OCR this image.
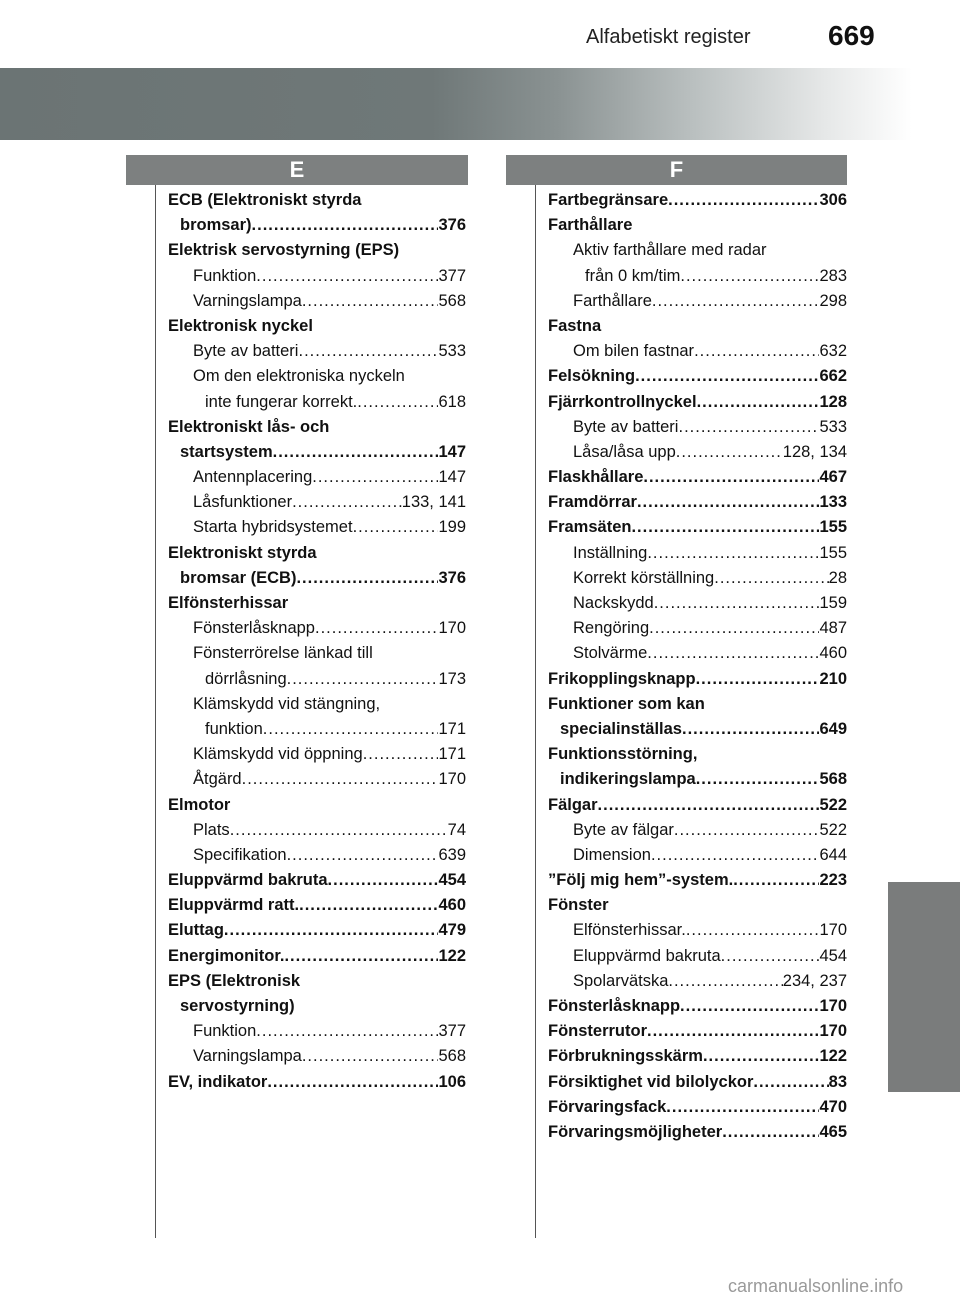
Alfabetiskt register	669
E	F
ECB (Elektroniskt styrda
bromsar) .....	376
Elektrisk servostyrning (EPS)
Funktion .....	377
Varningslampa .....	568
Elektronisk nyckel
Byte av batteri .....	533
Om den elektroniska nyckeln
inte fungerar korrekt. .....	618
Elektroniskt lås- och
startsystem .....	147
Antennplacering .....	147
Låsfunktioner .....	133, 141
Starta hybridsystemet .....	199
Elektroniskt styrda
bromsar (ECB) .....	376
Elfönsterhissar
Fönsterlåsknapp .....	170
Fönsterrörelse länkad till
dörrlåsning .....	173
Klämskydd vid stängning,
funktion .....	171
Klämskydd vid öppning .....	171
Åtgärd .....	170
Elmotor
Plats .....	74
Specifikation .....	639
Eluppvärmd bakruta .....	454
Eluppvärmd ratt. .....	460
Eluttag .....	479
Energimonitor. .....	122
EPS (Elektronisk
servostyrning)
Funktion .....	377
Varningslampa .....	568
EV, indikator .....	106
Fartbegränsare .....	306
Farthållare
Aktiv farthållare med radar
från 0 km/tim .....	283
Farthållare .....	298
Fastna
Om bilen fastnar .....	632
Felsökning .....	662
Fjärrkontrollnyckel .....	128
Byte av batteri .....	533
Låsa/låsa upp .....	128, 134
Flaskhållare .....	467
Framdörrar .....	133
Framsäten .....	155
Inställning .....	155
Korrekt körställning .....	28
Nackskydd .....	159
Rengöring .....	487
Stolvärme .....	460
Frikopplingsknapp .....	210
Funktioner som kan
specialinställas .....	649
Funktionsstörning,
indikeringslampa .....	568
Fälgar .....	522
Byte av fälgar .....	522
Dimension .....	644
”Följ mig hem”-system. .....	223
Fönster
Elfönsterhissar. .....	170
Eluppvärmd bakruta .....	454
Spolarvätska .....	234, 237
Fönsterlåsknapp .....	170
Fönsterrutor .....	170
Förbrukningsskärm .....	122
Försiktighet vid bilolyckor .....	83
Förvaringsfack .....	470
Förvaringsmöjligheter .....	465
carmanualsonline.info
